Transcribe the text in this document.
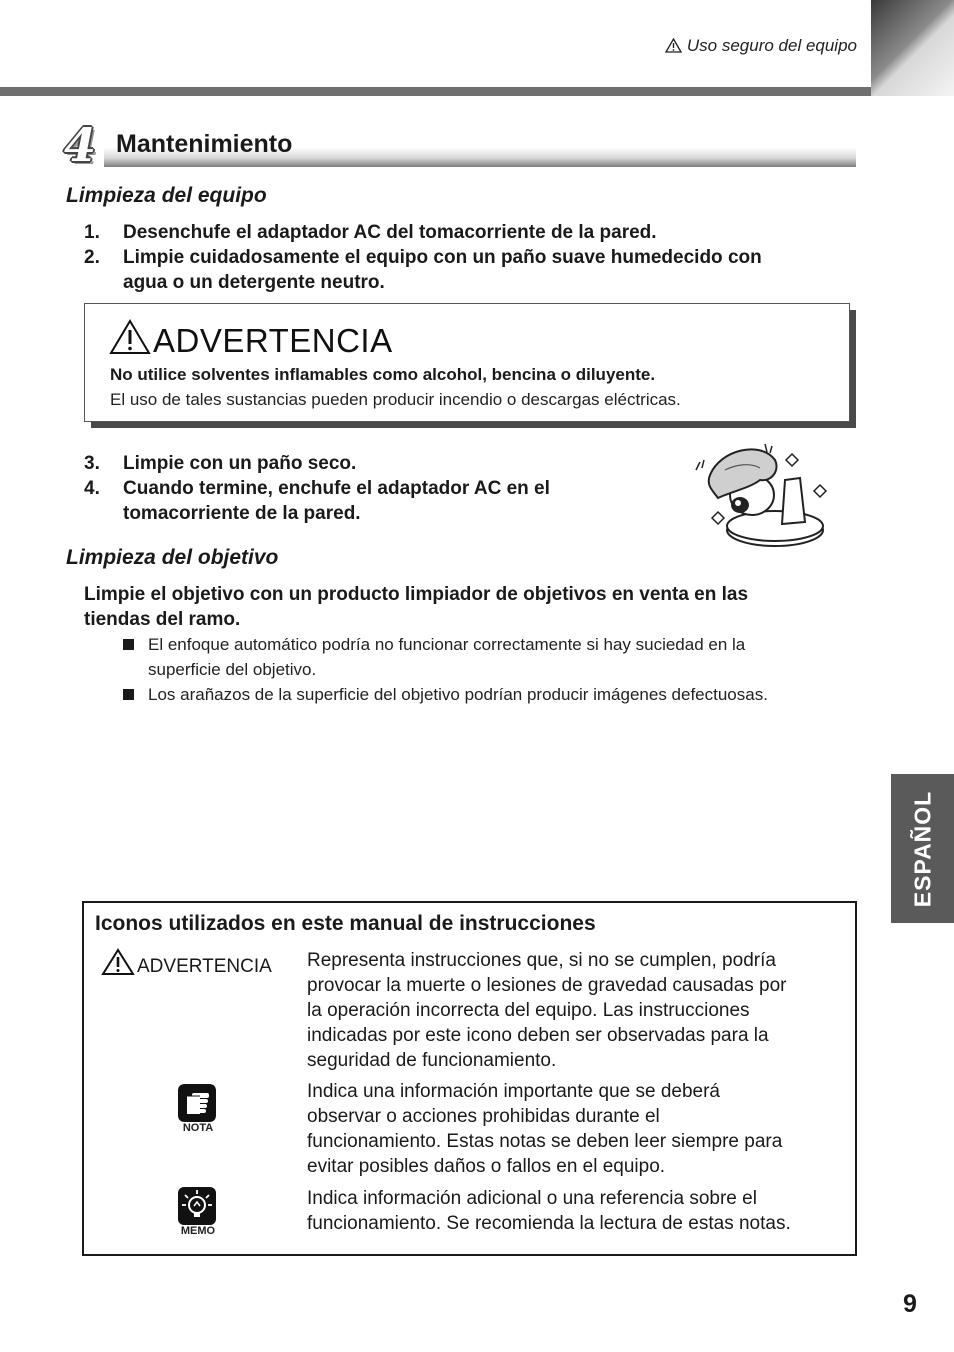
Uso seguro del equipo
4 Mantenimiento
Limpieza del equipo
1. Desenchufe el adaptador AC del tomacorriente de la pared.
2. Limpie cuidadosamente el equipo con un paño suave humedecido con
agua o un detergente neutro.
ADVERTENCIA
No utilice solventes inflamables como alcohol, bencina o diluyente.
El uso de tales sustancias pueden producir incendio o descargas eléctricas.
3. Limpie con un paño seco.
4. Cuando termine, enchufe el adaptador AC en el
tomacorriente de la pared.
Limpieza del objetivo
Limpie el objetivo con un producto limpiador de objetivos en venta en las
tiendas del ramo.
El enfoque automático podría no funcionar correctamente si hay suciedad en la
superficie del objetivo.
Los arañazos de la superficie del objetivo podrían producir imágenes defectuosas.
ESPAÑOL
Iconos utilizados en este manual de instrucciones
ADVERTENCIA Representa instrucciones que, si no se cumplen, podría
provocar la muerte o lesiones de gravedad causadas por
la operación incorrecta del equipo. Las instrucciones
indicadas por este icono deben ser observadas para la
seguridad de funcionamiento.
NOTA
Indica una información importante que se deberá
observar o acciones prohibidas durante el
funcionamiento. Estas notas se deben leer siempre para
evitar posibles daños o fallos en el equipo.
MEMO
Indica información adicional o una referencia sobre el
funcionamiento. Se recomienda la lectura de estas notas.
9
